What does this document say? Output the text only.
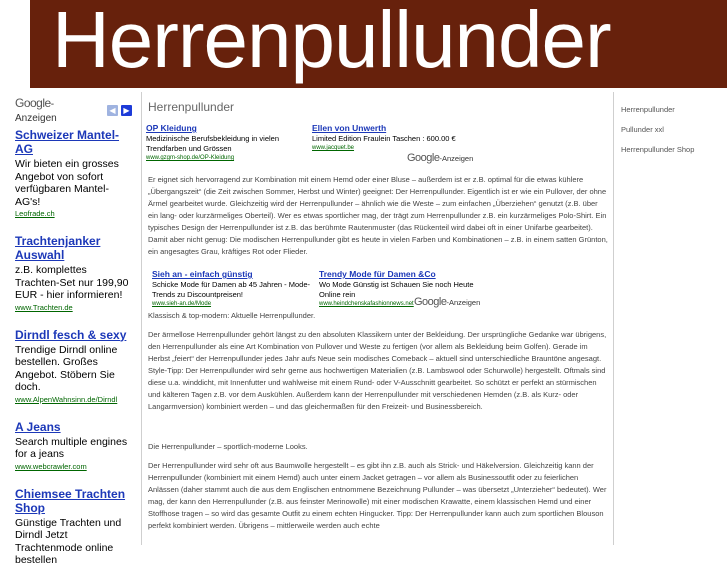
Herrenpullunder
Google-Anzeigen
◀ ▶
Schweizer Mantel-AG
Wir bieten ein grosses Angebot von sofort verfügbaren Mantel-AG's!
Leofrade.ch
Trachtenjanker Auswahl
z.B. komplettes Trachten-Set nur 199,90 EUR - hier informieren!
www.Trachten.de
Dirndl fesch & sexy
Trendige Dirndl online bestellen. Großes Angebot. Stöbern Sie doch.
www.AlpenWahnsinn.de/Dirndl
A Jeans
Search multiple engines for a jeans
www.webcrawler.com
Chiemsee Trachten Shop
Günstige Trachten und Dirndl Jetzt Trachtenmode online bestellen
Herrenpullunder
OP Kleidung
Medizinische Berufsbekleidung in vielen Trendfarben und Grössen
www.gzgm-shop.de/OP-Kleidung
Ellen von Unwerth
Limited Edition Fraulein Taschen : 600.00 €
www.jacquet.be
Google-Anzeigen
Er eignet sich hervorragend zur Kombination mit einem Hemd oder einer Bluse – außerdem ist er z.B. optimal für die etwas kühlere „Übergangszeit“ (die Zeit zwischen Sommer, Herbst und Winter) geeignet: Der Herrenpullunder. Eigentlich ist er wie ein Pullover, der ohne Ärmel gearbeitet wurde. Gleichzeitig wird der Herrenpullunder – ähnlich wie die Weste – zum einfachen „Überziehen“ genutzt (z.B. über ein lang- oder kurzärmeliges Oberteil). Wer es etwas sportlicher mag, der trägt zum Herrenpullunder z.B. ein kurzärmeliges Polo-Shirt. Ein typisches Design der Herrenpullunder ist z.B. das berühmte Rautenmuster (das Rückenteil wird dabei oft in einer Unifarbe gearbeitet). Damit aber nicht genug: Die modischen Herrenpullunder gibt es heute in vielen Farben und Kombinationen – z.B. in einem satten Grünton, ein angesagtes Grau, kräftiges Rot oder Flieder.
Sieh an - einfach günstig
Schicke Mode für Damen ab 45 Jahren - Mode-Trends zu Discountpreisen!
www.sieh-an.de/Mode
Trendy Mode für Damen &Co
Wo Mode Günstig ist Schauen Sie noch Heute Online rein
www.heindchenskafashionnews.net Google-Anzeigen
Klassisch & top-modern: Aktuelle Herrenpullunder.
Der ärmellose Herrenpullunder gehört längst zu den absoluten Klassikern unter der Bekleidung. Der ursprüngliche Gedanke war übrigens, den Herrenpullunder als eine Art Kombination von Pullover und Weste zu fertigen (vor allem als Bekleidung beim Golfen). Gerade im Herbst „feiert“ der Herrenpullunder jedes Jahr aufs Neue sein modisches Comeback – aktuell sind unterschiedliche Brauntöne angesagt. Style-Tipp: Der Herrenpullunder wird sehr gerne aus hochwertigen Materialien (z.B. Lambswool oder Schurwolle) hergestellt. Oftmals sind diese u.a. winddicht, mit Innenfutter und wahlweise mit einem Rund- oder V-Ausschnitt gearbeitet. So schützt er perfekt an stürmischen und kälteren Tagen z.B. vor dem Auskühlen. Außerdem kann der Herrenpullunder mit verschiedenen Hemden (z.B. als Kurz- oder Langarmversion) kombiniert werden – und das gleichermaßen für den Freizeit- und Businessbereich.
Die Herrenpullunder – sportlich-moderne Looks.
Der Herrenpullunder wird sehr oft aus Baumwolle hergestellt – es gibt ihn z.B. auch als Strick- und Häkelversion. Gleichzeitig kann der Herrenpullunder (kombiniert mit einem Hemd) auch unter einem Jacket getragen – vor allem als Businessoutfit oder zu feierlichen Anlässen (daher stammt auch die aus dem Englischen entnommene Bezeichnung Pullunder – was übersetzt „Unterzieher“ bedeutet). Wer mag, der kann den Herrenpullunder (z.B. aus feinster Merinowolle) mit einer modischen Krawatte, einem klassischen Hemd und einer Stoffhose tragen – so wird das gesamte Outfit zu einem echten Hingucker. Tipp: Der Herrenpullunder kann auch zum sportlichen Blouson perfekt kombiniert werden. Übrigens – mittlerweile werden auch echte
Herrenpullunder
Pullunder xxl
Herrenpullunder Shop
